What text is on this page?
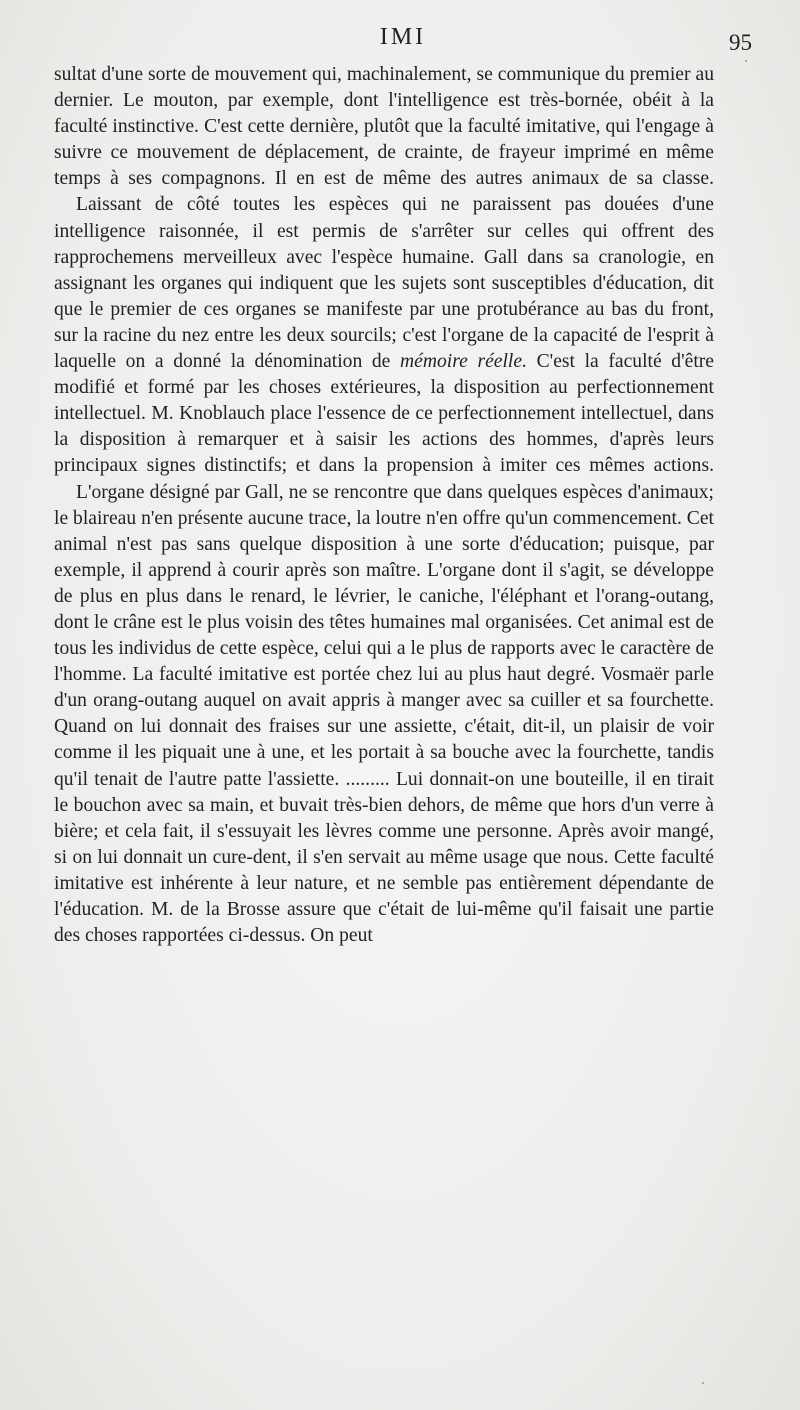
IMI	95

sultat d'une sorte de mouvement qui, machinalement, se communique du premier au dernier. Le mouton, par exemple, dont l'intelligence est très-bornée, obéit à la faculté instinctive. C'est cette dernière, plutôt que la faculté imitative, qui l'engage à suivre ce mouvement de déplacement, de crainte, de frayeur imprimé en même temps à ses compagnons. Il en est de même des autres animaux de sa classe.

Laissant de côté toutes les espèces qui ne paraissent pas douées d'une intelligence raisonnée, il est permis de s'arrêter sur celles qui offrent des rapprochemens merveilleux avec l'espèce humaine. Gall dans sa cranologie, en assignant les organes qui indiquent que les sujets sont susceptibles d'éducation, dit que le premier de ces organes se manifeste par une protubérance au bas du front, sur la racine du nez entre les deux sourcils; c'est l'organe de la capacité de l'esprit à laquelle on a donné la dénomination de mémoire réelle. C'est la faculté d'être modifié et formé par les choses extérieures, la disposition au perfectionnement intellectuel. M. Knoblauch place l'essence de ce perfectionnement intellectuel, dans la disposition à remarquer et à saisir les actions des hommes, d'après leurs principaux signes distinctifs; et dans la propension à imiter ces mêmes actions.

L'organe désigné par Gall, ne se rencontre que dans quelques espèces d'animaux; le blaireau n'en présente aucune trace, la loutre n'en offre qu'un commencement. Cet animal n'est pas sans quelque disposition à une sorte d'éducation; puisque, par exemple, il apprend à courir après son maître. L'organe dont il s'agit, se développe de plus en plus dans le renard, le lévrier, le caniche, l'éléphant et l'orang-outang, dont le crâne est le plus voisin des têtes humaines mal organisées. Cet animal est de tous les individus de cette espèce, celui qui a le plus de rapports avec le caractère de l'homme. La faculté imitative est portée chez lui au plus haut degré. Vosmaër parle d'un orang-outang auquel on avait appris à manger avec sa cuiller et sa fourchette. Quand on lui donnait des fraises sur une assiette, c'était, dit-il, un plaisir de voir comme il les piquait une à une, et les portait à sa bouche avec la fourchette, tandis qu'il tenait de l'autre patte l'assiette. ......... Lui donnait-on une bouteille, il en tirait le bouchon avec sa main, et buvait très-bien dehors, de même que hors d'un verre à bière; et cela fait, il s'essuyait les lèvres comme une personne. Après avoir mangé, si on lui donnait un cure-dent, il s'en servait au même usage que nous. Cette faculté imitative est inhérente à leur nature, et ne semble pas entièrement dépendante de l'éducation. M. de la Brosse assure que c'était de lui-même qu'il faisait une partie des choses rapportées ci-dessus. On peut
